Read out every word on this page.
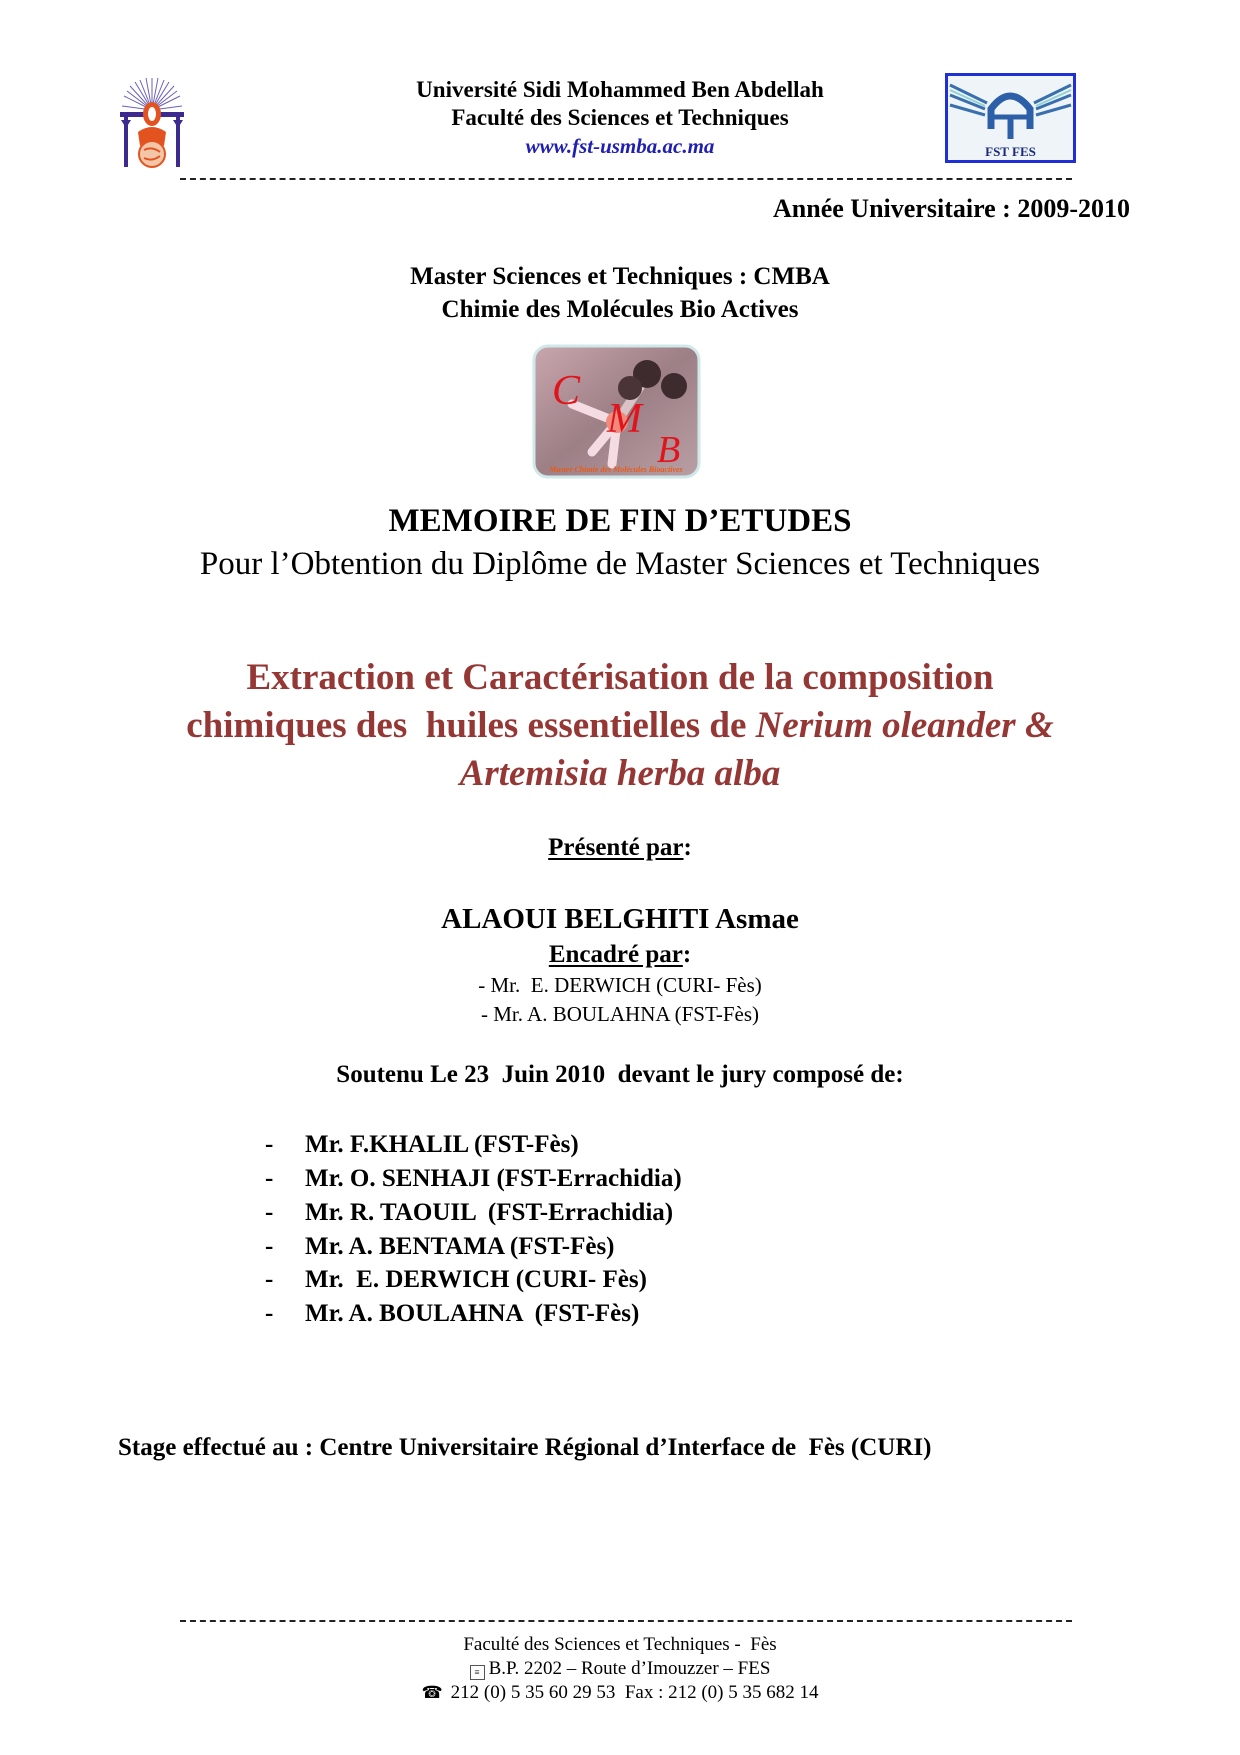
Université Sidi Mohammed Ben Abdellah
Faculté des Sciences et Techniques
www.fst-usmba.ac.ma	FST FES
Année Universitaire : 2009-2010
Master Sciences et Techniques : CMBA
Chimie des Molécules Bio Actives
C
M
B
Master Chimie des Molécules Bioactives
MEMOIRE DE FIN D’ETUDES
Pour l’Obtention du Diplôme de Master Sciences et Techniques
Extraction et Caractérisation de la composition
chimiques des  huiles essentielles de Nerium oleander &
Artemisia herba alba
Présenté par:
ALAOUI BELGHITI Asmae
Encadré par:
- Mr.  E. DERWICH (CURI- Fès)
- Mr. A. BOULAHNA (FST-Fès)
Soutenu Le 23  Juin 2010  devant le jury composé de:
- Mr. F.KHALIL (FST-Fès)
- Mr. O. SENHAJI (FST-Errachidia)
- Mr. R. TAOUIL  (FST-Errachidia)
- Mr. A. BENTAMA (FST-Fès)
- Mr.  E. DERWICH (CURI- Fès)
- Mr. A. BOULAHNA  (FST-Fès)
Stage effectué au : Centre Universitaire Régional d’Interface de  Fès (CURI)
Faculté des Sciences et Techniques -  Fès
≡ B.P. 2202 – Route d’Imouzzer – FES
☎ 212 (0) 5 35 60 29 53  Fax : 212 (0) 5 35 682 14
